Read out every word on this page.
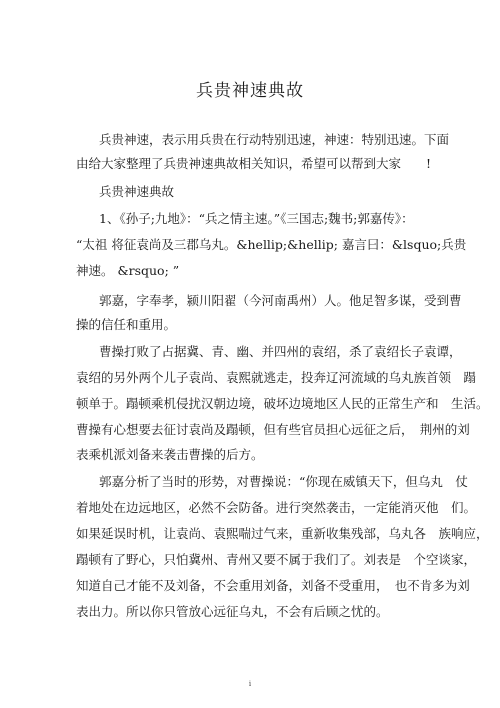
兵贵神速典故
兵贵神速，表示用兵贵在行动特别迅速，神速：特别迅速。下面
由给大家整理了兵贵神速典故相关知识，希望可以帮到大家　　!
兵贵神速典故
1、《孙子;九地》：“兵之情主速。”《三国志;魏书;郭嘉传》：
“太祖 将征袁尚及三郡乌丸。&hellip;&hellip; 嘉言曰：&lsquo;兵贵
神速。 &rsquo; ”
郭嘉，字奉孝，颍川阳翟（今河南禹州）人。他足智多谋，受到曹
操的信任和重用。
曹操打败了占据冀、青、幽、并四州的袁绍，杀了袁绍长子袁谭，
袁绍的另外两个儿子袁尚、袁熙就逃走，投奔辽河流域的乌丸族首领　蹋
顿单于。蹋顿乘机侵扰汉朝边境，破坏边境地区人民的正常生产和　生活。
曹操有心想要去征讨袁尚及蹋顿，但有些官员担心远征之后，　荆州的刘
表乘机派刘备来袭击曹操的后方。
郭嘉分析了当时的形势，对曹操说：“你现在威镇天下，但乌丸　仗
着地处在边远地区，必然不会防备。进行突然袭击，一定能消灭他　们。
如果延误时机，让袁尚、袁熙喘过气来，重新收集残部，乌丸各　族响应，
蹋顿有了野心，只怕冀州、青州又要不属于我们了。刘表是　个空谈家，
知道自己才能不及刘备，不会重用刘备，刘备不受重用，　也不肯多为刘
表出力。所以你只管放心远征乌丸，不会有后顾之忧的。
i
